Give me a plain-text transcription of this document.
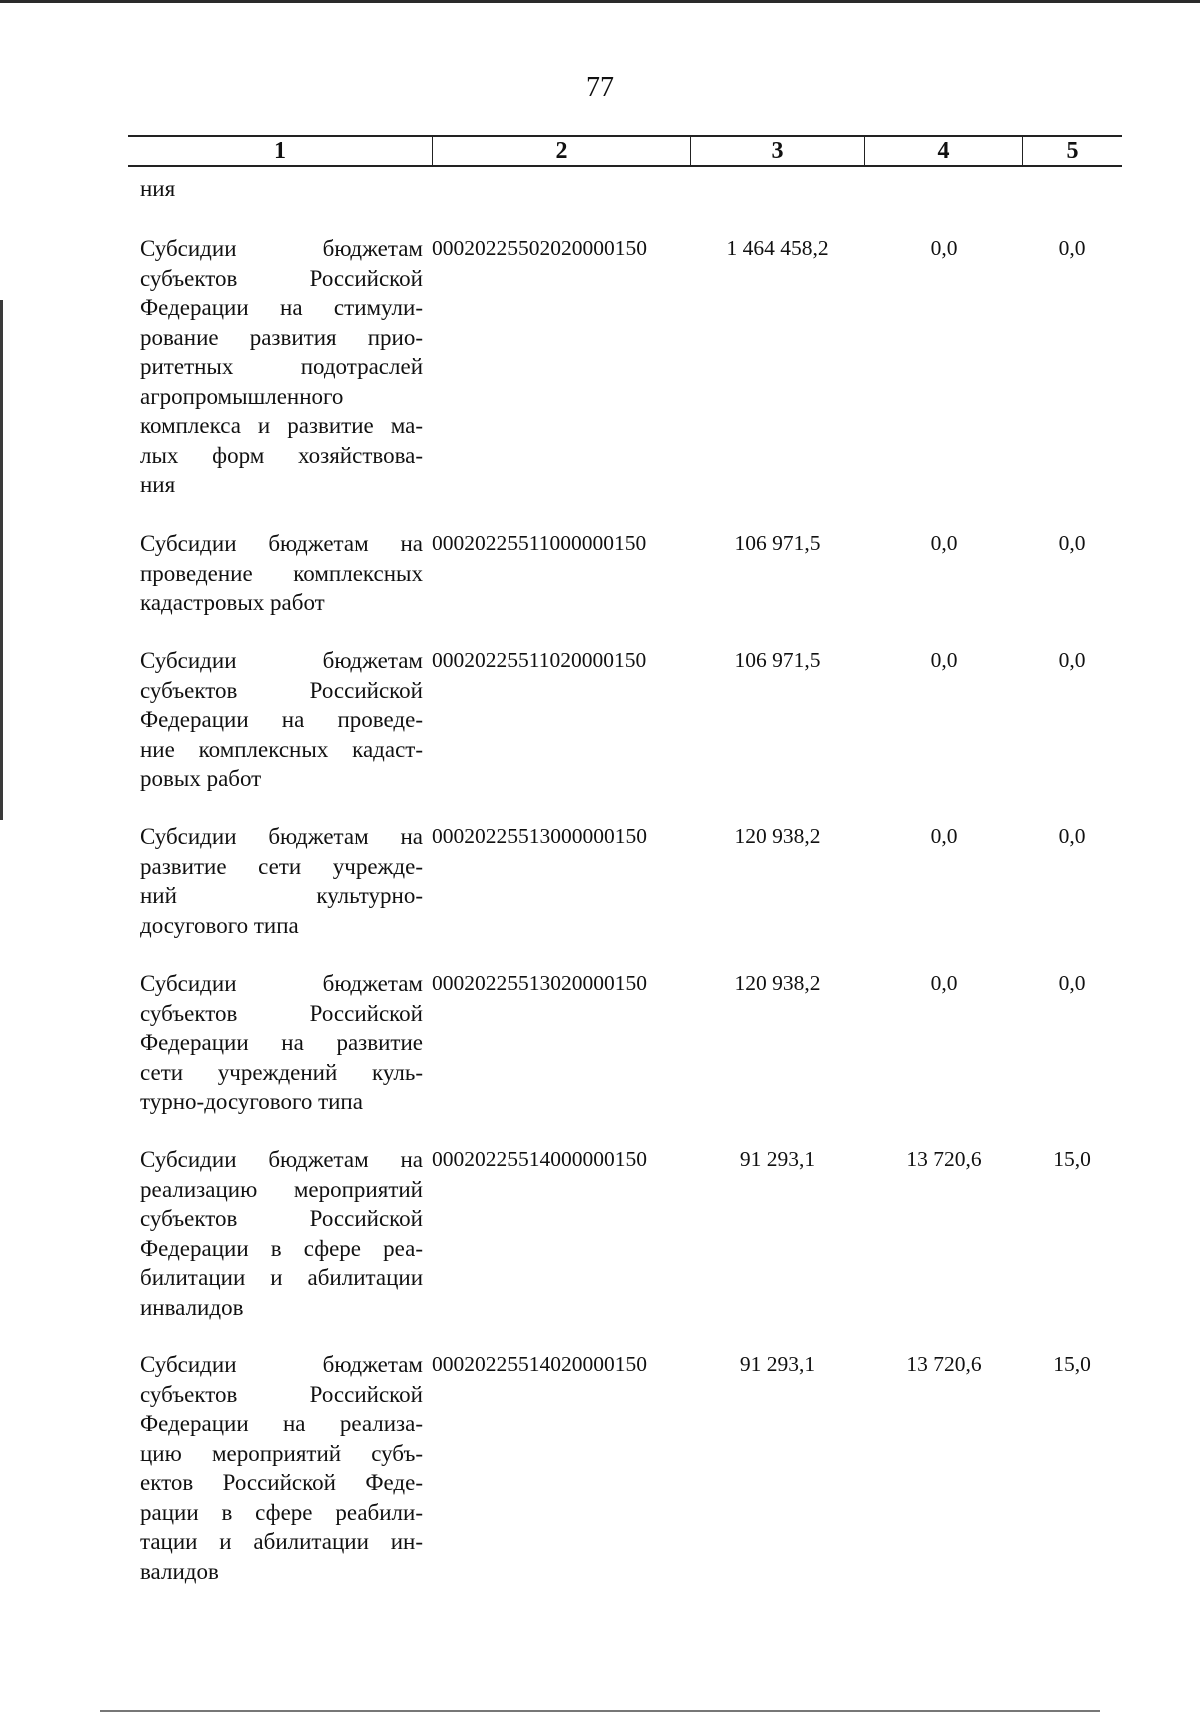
77
1	2	3	4	5
ния
Субсидии бюджетам
субъектов Российской
Федерации на стимули-
рование развития прио-
ритетных подотраслей
агропромышленного
комплекса и развитие ма-
лых форм хозяйствова-
ния
00020225502020000150	1 464 458,2	0,0	0,0
Субсидии бюджетам на
проведение комплексных
кадастровых работ
00020225511000000150	106 971,5	0,0	0,0
Субсидии бюджетам
субъектов Российской
Федерации на проведе-
ние комплексных кадаст-
ровых работ
00020225511020000150	106 971,5	0,0	0,0
Субсидии бюджетам на
развитие сети учрежде-
ний культурно-
досугового типа
00020225513000000150	120 938,2	0,0	0,0
Субсидии бюджетам
субъектов Российской
Федерации на развитие
сети учреждений куль-
турно-досугового типа
00020225513020000150	120 938,2	0,0	0,0
Субсидии бюджетам на
реализацию мероприятий
субъектов Российской
Федерации в сфере реа-
билитации и абилитации
инвалидов
00020225514000000150	91 293,1	13 720,6	15,0
Субсидии бюджетам
субъектов Российской
Федерации на реализа-
цию мероприятий субъ-
ектов Российской Феде-
рации в сфере реабили-
тации и абилитации ин-
валидов
00020225514020000150	91 293,1	13 720,6	15,0
